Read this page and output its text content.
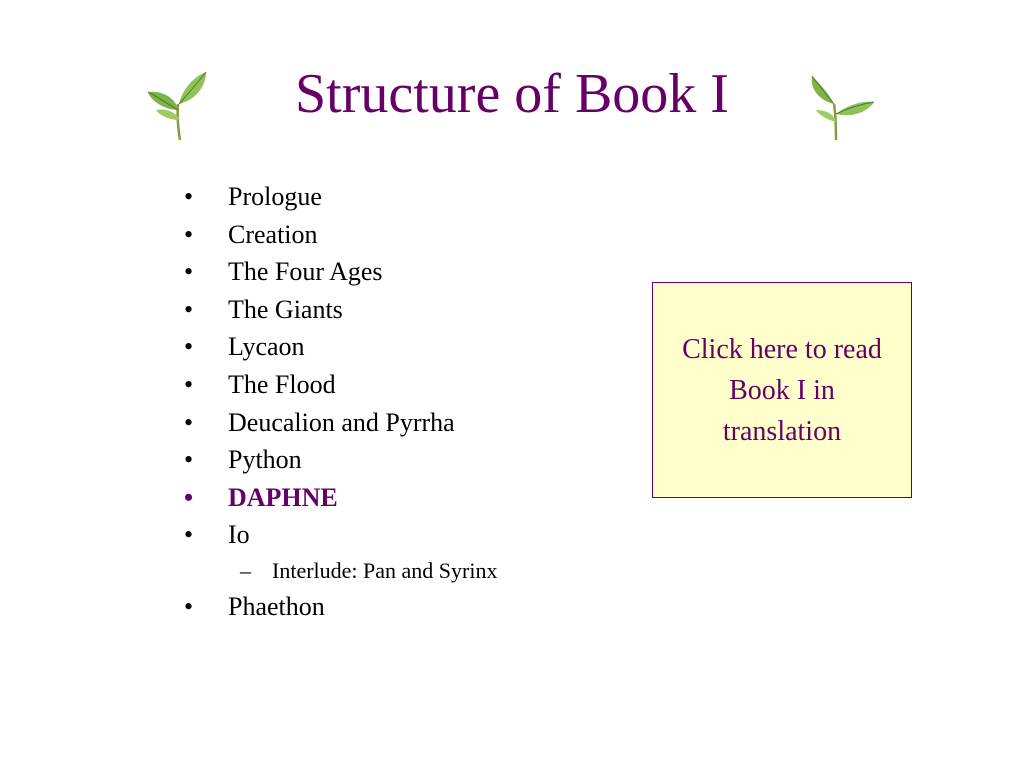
Structure of Book I
•	Prologue
•	Creation
•	The Four Ages
•	The Giants
•	Lycaon
•	The Flood
•	Deucalion and Pyrrha
•	Python
•	DAPHNE
•	Io
– Interlude: Pan and Syrinx
•	Phaethon
Click here to read Book I in translation
